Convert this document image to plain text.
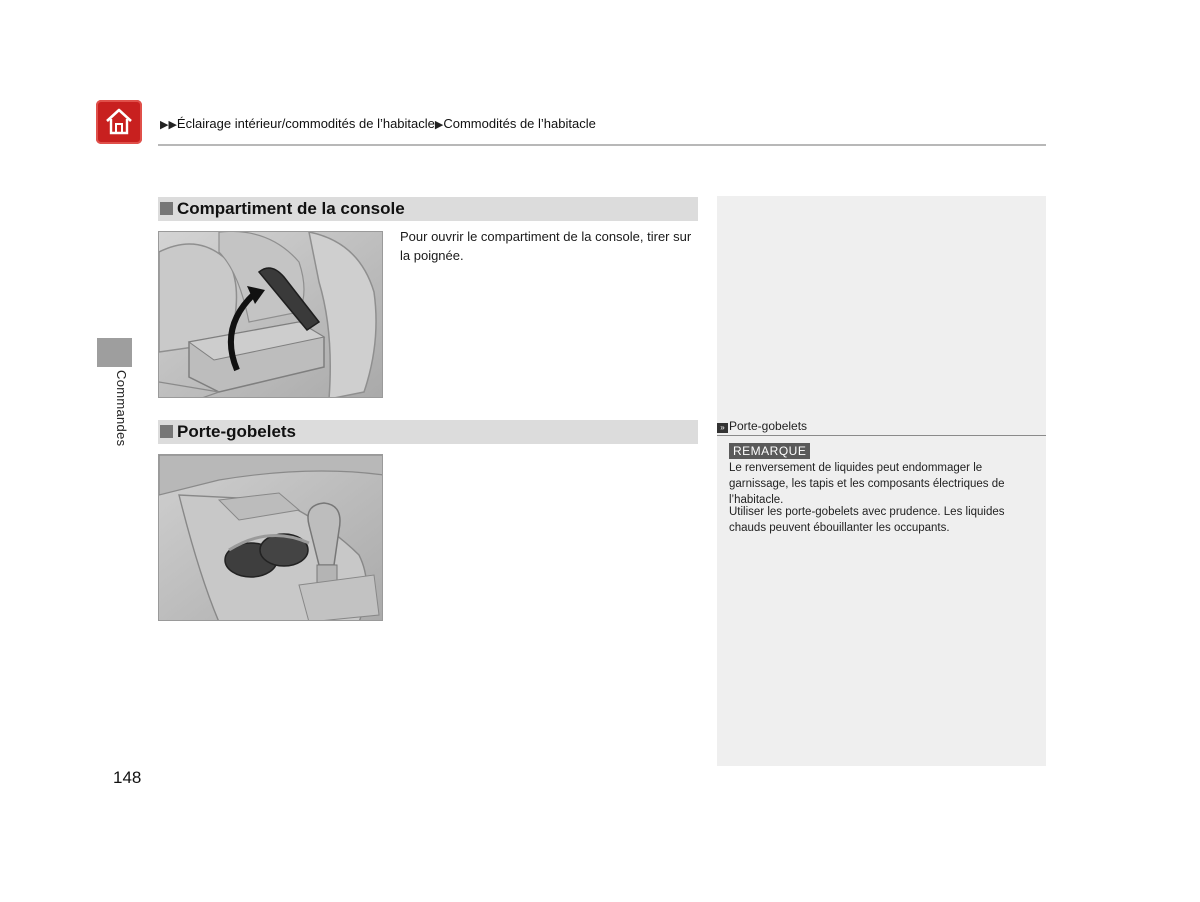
▶▶Éclairage intérieur/commodités de l’habitacle▶Commodités de l’habitacle
Commandes
Compartiment de la console
Pour ouvrir le compartiment de la console, tirer sur la poignée.
Porte-gobelets	» Porte-gobelets
REMARQUE
Le renversement de liquides peut endommager le garnissage, les tapis et les composants électriques de l’habitacle.
Utiliser les porte-gobelets avec prudence. Les liquides chauds peuvent ébouillanter les occupants.
148
